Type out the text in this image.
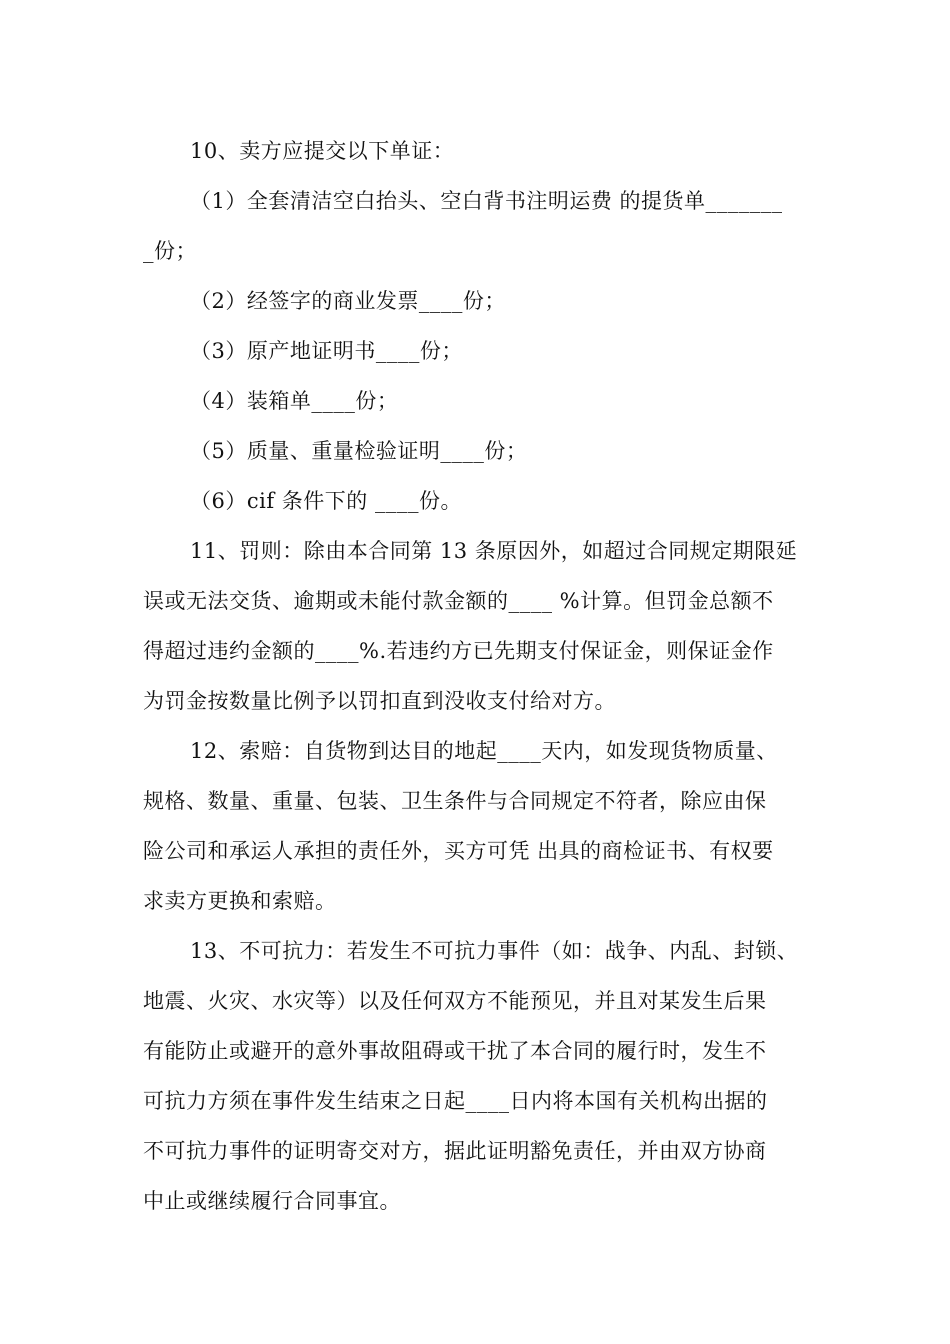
10、卖方应提交以下单证：
（1）全套清洁空白抬头、空白背书注明运费 的提货单_______
_份；
（2）经签字的商业发票____份；
（3）原产地证明书____份；
（4）装箱单____份；
（5）质量、重量检验证明____份；
（6）cif 条件下的 ____份。
11、罚则：除由本合同第 13 条原因外，如超过合同规定期限延
误或无法交货、逾期或未能付款金额的____ %计算。但罚金总额不
得超过违约金额的____%.若违约方已先期支付保证金，则保证金作
为罚金按数量比例予以罚扣直到没收支付给对方。
12、索赔：自货物到达目的地起____天内，如发现货物质量、
规格、数量、重量、包装、卫生条件与合同规定不符者，除应由保
险公司和承运人承担的责任外，买方可凭 出具的商检证书、有权要
求卖方更换和索赔。
13、不可抗力：若发生不可抗力事件（如：战争、内乱、封锁、
地震、火灾、水灾等）以及任何双方不能预见，并且对某发生后果
有能防止或避开的意外事故阻碍或干扰了本合同的履行时，发生不
可抗力方须在事件发生结束之日起____日内将本国有关机构出据的
不可抗力事件的证明寄交对方，据此证明豁免责任，并由双方协商
中止或继续履行合同事宜。
